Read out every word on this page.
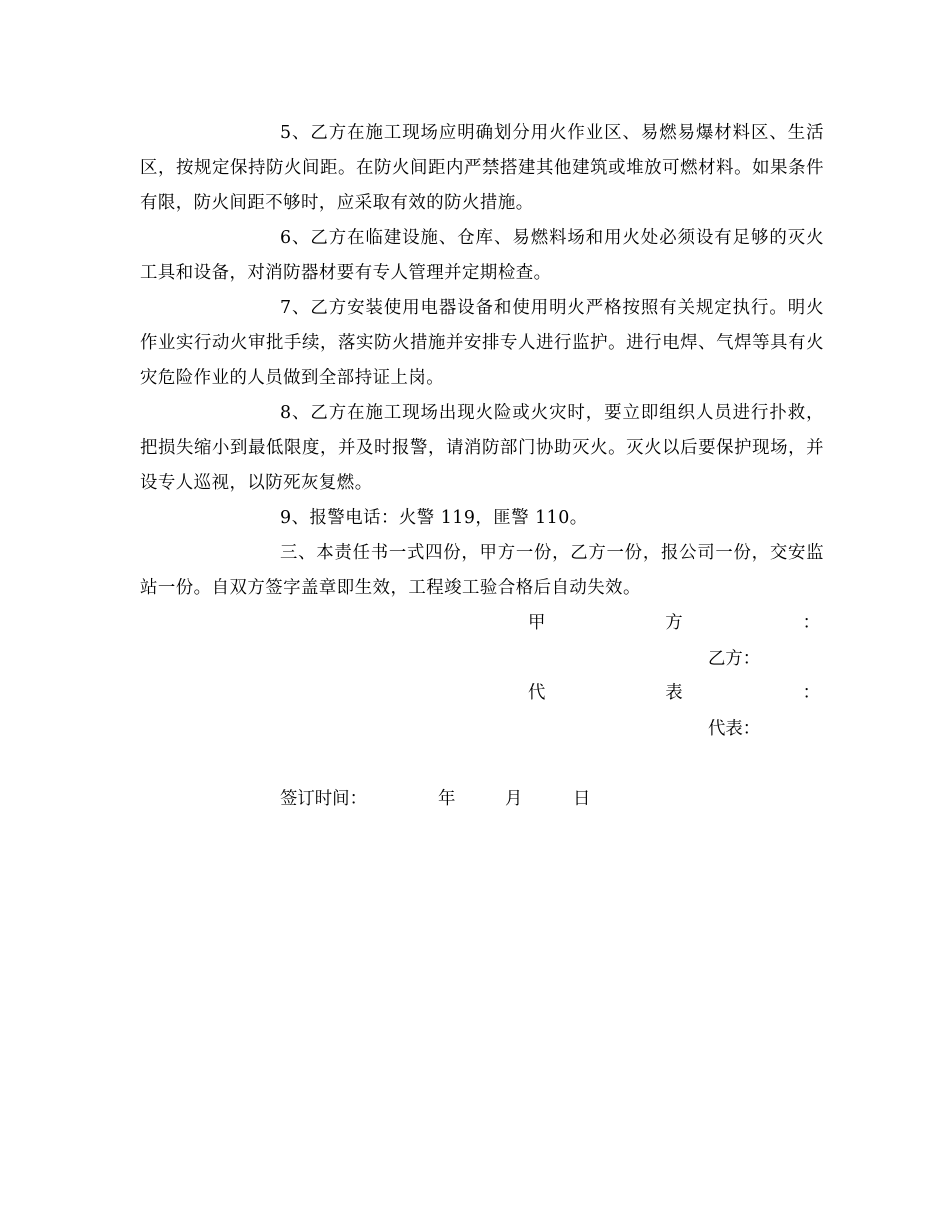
5、乙方在施工现场应明确划分用火作业区、易燃易爆材料区、生活区，按规定保持防火间距。在防火间距内严禁搭建其他建筑或堆放可燃材料。如果条件有限，防火间距不够时，应采取有效的防火措施。

6、乙方在临建设施、仓库、易燃料场和用火处必须设有足够的灭火工具和设备，对消防器材要有专人管理并定期检查。

7、乙方安装使用电器设备和使用明火严格按照有关规定执行。明火作业实行动火审批手续，落实防火措施并安排专人进行监护。进行电焊、气焊等具有火灾危险作业的人员做到全部持证上岗。

8、乙方在施工现场出现火险或火灾时，要立即组织人员进行扑救，把损失缩小到最低限度，并及时报警，请消防部门协助灭火。灭火以后要保护现场，并设专人巡视，以防死灰复燃。

9、报警电话：火警 119，匪警 110。

三、本责任书一式四份，甲方一份，乙方一份，报公司一份，交安监站一份。自双方签字盖章即生效，工程竣工验合格后自动失效。

甲	方	：
乙方：
代	表	：
代表：
签订时间：	年	月	日
